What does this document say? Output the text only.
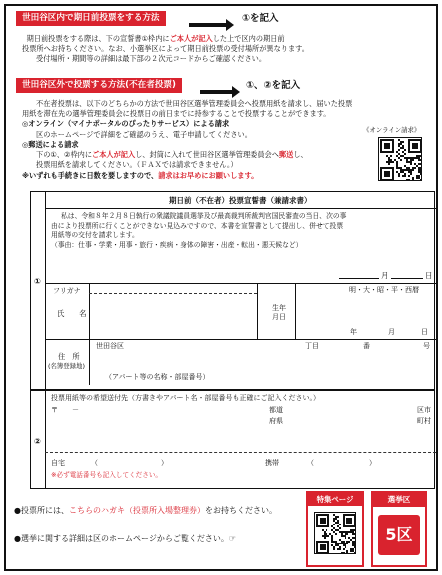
世田谷区内で期日前投票をする方法	①を記入
期日前投票をする際は、下の宣誓書①枠内にご本人が記入した上で区内の期日前
投票所へお持ちください。なお、小選挙区によって期日前投票の受付場所が異なります。
受付場所・期間等の詳細は最下部の２次元コードからご確認ください。
世田谷区外で投票する方法(不在者投票)	①、②を記入
不在者投票は、以下のどちらかの方法で世田谷区選挙管理委員会へ投票用紙を請求し、届いた投票
用紙を滞在先の選挙管理委員会に投票日の前日までに持参することで投票することができます。
◎オンライン（マイナポータルのぴったりサービス）による請求
区のホームページで詳細をご確認のうえ、電子申請してください。
◎郵送による請求
下の①、②枠内にご本人が記入し、封筒に入れて世田谷区選挙管理委員会へ郵送し、
投票用紙を請求してください。（ＦＡＸでは請求できません。）
※いずれも手続きに日数を要しますので、請求はお早めにお願いします。
《オンライン請求》
①
②
期日前（不在者）投票宣誓書（兼請求書）
私は、令和８年２月８日執行の衆議院議員選挙及び最高裁判所裁判官国民審査の当日、次の事
由により投票所に行くことができない見込みですので、本書を宣誓書として提出し、併せて投票
用紙等の交付を請求します。
（事由：仕事・学業・用事・旅行・疾病・身体の障害・出産・転出・悪天候など）
月	日
フリガナ
氏　　名
生年月日
明・大・昭・平・西暦
年	月	日
住　所
(名簿登録地)
世田谷区	丁目	番	号
（アパート等の名称・部屋番号）
投票用紙等の希望送付先（方書きやアパート名・部屋番号も正確にご記入ください。）
〒　　－	都道
府県
区市
町村
自宅	（	）	携帯	（	）
※必ず電話番号も記入してください。
●投票所には、こちらのハガキ（投票所入場整理券）をお持ちください。
●選挙に関する詳細は区のホームページからご覧ください。☞
特集ページ	選挙区
5区
